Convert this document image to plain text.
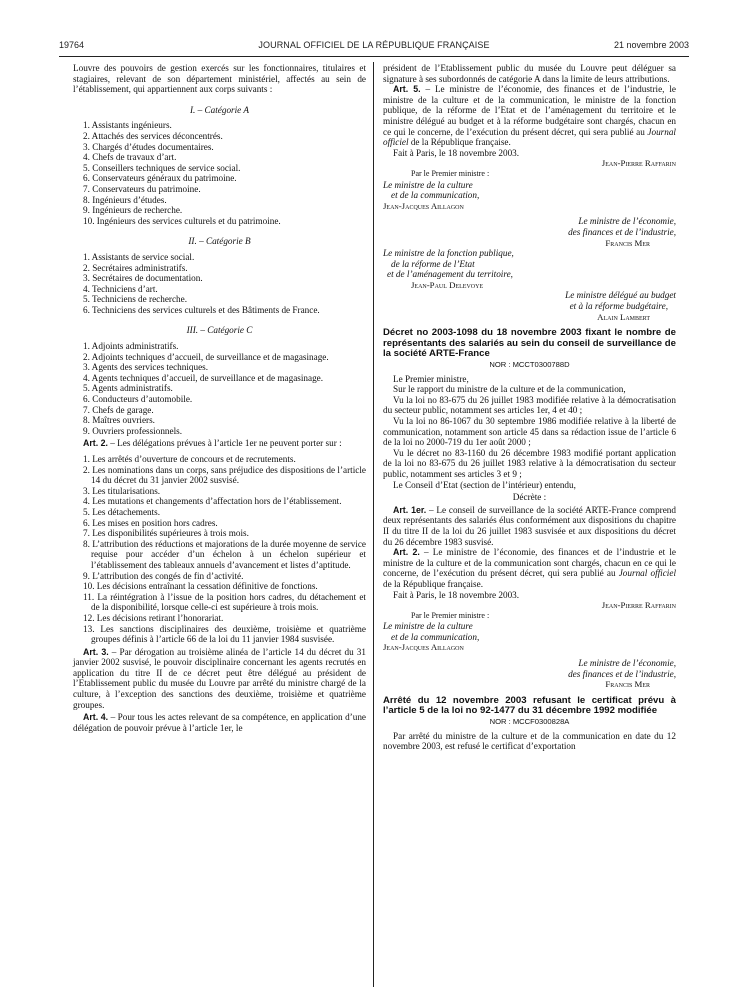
19764	JOURNAL OFFICIEL DE LA RÉPUBLIQUE FRANÇAISE	21 novembre 2003

Louvre des pouvoirs de gestion exercés sur les fonctionnaires, titulaires et stagiaires, relevant de son département ministériel, affectés au sein de l’établissement, qui appartiennent aux corps suivants :

I. – Catégorie A

1. Assistants ingénieurs.

2. Attachés des services déconcentrés.

3. Chargés d’études documentaires.

4. Chefs de travaux d’art.

5. Conseillers techniques de service social.

6. Conservateurs généraux du patrimoine.

7. Conservateurs du patrimoine.

8. Ingénieurs d’études.

9. Ingénieurs de recherche.

10. Ingénieurs des services culturels et du patrimoine.

II. – Catégorie B

1. Assistants de service social.

2. Secrétaires administratifs.

3. Secrétaires de documentation.

4. Techniciens d’art.

5. Techniciens de recherche.

6. Techniciens des services culturels et des Bâtiments de France.

III. – Catégorie C

1. Adjoints administratifs.

2. Adjoints techniques d’accueil, de surveillance et de magasinage.

3. Agents des services techniques.

4. Agents techniques d’accueil, de surveillance et de magasinage.

5. Agents administratifs.

6. Conducteurs d’automobile.

7. Chefs de garage.

8. Maîtres ouvriers.

9. Ouvriers professionnels.

Art. 2. – Les délégations prévues à l’article 1er ne peuvent porter sur :

1. Les arrêtés d’ouverture de concours et de recrutements.

2. Les nominations dans un corps, sans préjudice des dispositions de l’article 14 du décret du 31 janvier 2002 susvisé.

3. Les titularisations.

4. Les mutations et changements d’affectation hors de l’établissement.

5. Les détachements.

6. Les mises en position hors cadres.

7. Les disponibilités supérieures à trois mois.

8. L’attribution des réductions et majorations de la durée moyenne de service requise pour accéder d’un échelon à un échelon supérieur et l’établissement des tableaux annuels d’avancement et listes d’aptitude.

9. L’attribution des congés de fin d’activité.

10. Les décisions entraînant la cessation définitive de fonctions.

11. La réintégration à l’issue de la position hors cadres, du détachement et de la disponibilité, lorsque celle-ci est supérieure à trois mois.

12. Les décisions retirant l’honorariat.

13. Les sanctions disciplinaires des deuxième, troisième et quatrième groupes définis à l’article 66 de la loi du 11 janvier 1984 susvisée.

Art. 3. – Par dérogation au troisième alinéa de l’article 14 du décret du 31 janvier 2002 susvisé, le pouvoir disciplinaire concernant les agents recrutés en application du titre II de ce décret peut être délégué au président de l’Etablissement public du musée du Louvre par arrêté du ministre chargé de la culture, à l’exception des sanctions des deuxième, troisième et quatrième groupes.

Art. 4. – Pour tous les actes relevant de sa compétence, en application d’une délégation de pouvoir prévue à l’article 1er, le

président de l’Etablissement public du musée du Louvre peut déléguer sa signature à ses subordonnés de catégorie A dans la limite de leurs attributions.

Art. 5. – Le ministre de l’économie, des finances et de l’industrie, le ministre de la culture et de la communication, le ministre de la fonction publique, de la réforme de l’Etat et de l’aménagement du territoire et le ministre délégué au budget et à la réforme budgétaire sont chargés, chacun en ce qui le concerne, de l’exécution du présent décret, qui sera publié au Journal officiel de la République française.

Fait à Paris, le 18 novembre 2003.

Jean-Pierre Raffarin

Par le Premier ministre :

Le ministre de la culture

et de la communication,

Jean-Jacques Aillagon

Le ministre de l’économie,

des finances et de l’industrie,

Francis Mer

Le ministre de la fonction publique,

de la réforme de l’Etat

et de l’aménagement du territoire,

Jean-Paul Delevoye

Le ministre délégué au budget

et à la réforme budgétaire,

Alain Lambert

Décret no 2003-1098 du 18 novembre 2003 fixant le nombre de représentants des salariés au sein du conseil de surveillance de la société ARTE-France

NOR : MCCT0300788D

Le Premier ministre,

Sur le rapport du ministre de la culture et de la communication,

Vu la loi no 83-675 du 26 juillet 1983 modifiée relative à la démocratisation du secteur public, notamment ses articles 1er, 4 et 40 ;

Vu la loi no 86-1067 du 30 septembre 1986 modifiée relative à la liberté de communication, notamment son article 45 dans sa rédaction issue de l’article 6 de la loi no 2000-719 du 1er août 2000 ;

Vu le décret no 83-1160 du 26 décembre 1983 modifié portant application de la loi no 83-675 du 26 juillet 1983 relative à la démocratisation du secteur public, notamment ses articles 3 et 9 ;

Le Conseil d’Etat (section de l’intérieur) entendu,

Décrète :

Art. 1er. – Le conseil de surveillance de la société ARTE-France comprend deux représentants des salariés élus conformément aux dispositions du chapitre II du titre II de la loi du 26 juillet 1983 susvisée et aux dispositions du décret du 26 décembre 1983 susvisé.

Art. 2. – Le ministre de l’économie, des finances et de l’industrie et le ministre de la culture et de la communication sont chargés, chacun en ce qui le concerne, de l’exécution du présent décret, qui sera publié au Journal officiel de la République française.

Fait à Paris, le 18 novembre 2003.

Jean-Pierre Raffarin

Par le Premier ministre :

Le ministre de la culture

et de la communication,

Jean-Jacques Aillagon

Le ministre de l’économie,

des finances et de l’industrie,

Francis Mer

Arrêté du 12 novembre 2003 refusant le certificat prévu à l’article 5 de la loi no 92-1477 du 31 décembre 1992 modifiée

NOR : MCCF0300828A

Par arrêté du ministre de la culture et de la communication en date du 12 novembre 2003, est refusé le certificat d’exportation
